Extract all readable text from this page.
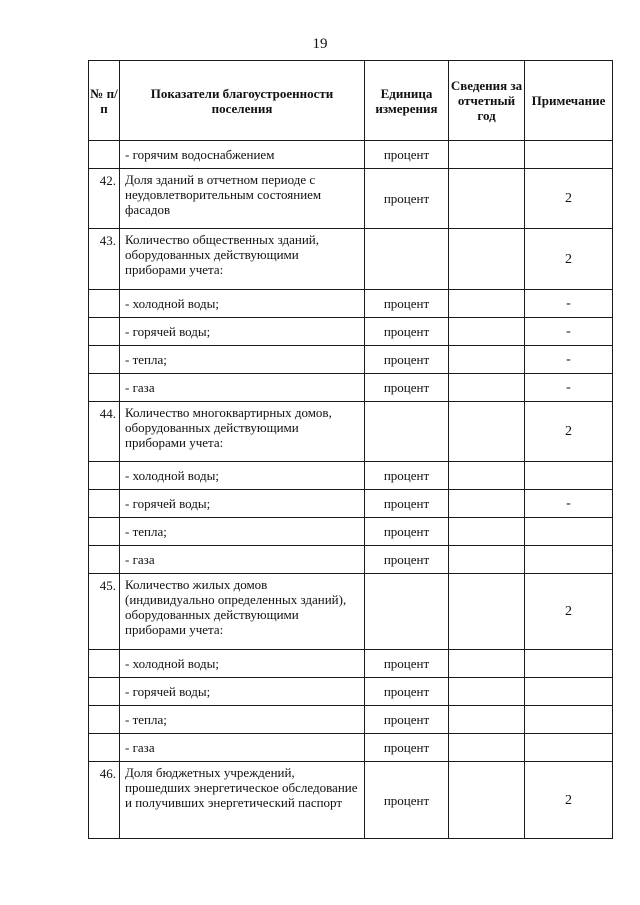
19
№ п/п	Показатели благоустроенности поселения	Единица измерения	Сведения за отчетный год	Примечание
	- горячим водоснабжением	процент		
42.	Доля зданий в отчетном периоде с неудовлетворительным состоянием фасадов	процент		2
43.	Количество общественных зданий, оборудованных действующими приборами учета:			2
	- холодной воды;	процент		-
	- горячей воды;	процент		-
	- тепла;	процент		-
	- газа	процент		-
44.	Количество многоквартирных домов, оборудованных действующими приборами учета:			2
	- холодной воды;	процент		
	- горячей воды;	процент		-
	- тепла;	процент		
	- газа	процент		
45.	Количество жилых домов (индивидуально определенных зданий), оборудованных действующими приборами учета:			2
	- холодной воды;	процент		
	- горячей воды;	процент		
	- тепла;	процент		
	- газа	процент		
46.	Доля бюджетных учреждений, прошедших энергетическое обследование и получивших энергетический паспорт	процент		2
